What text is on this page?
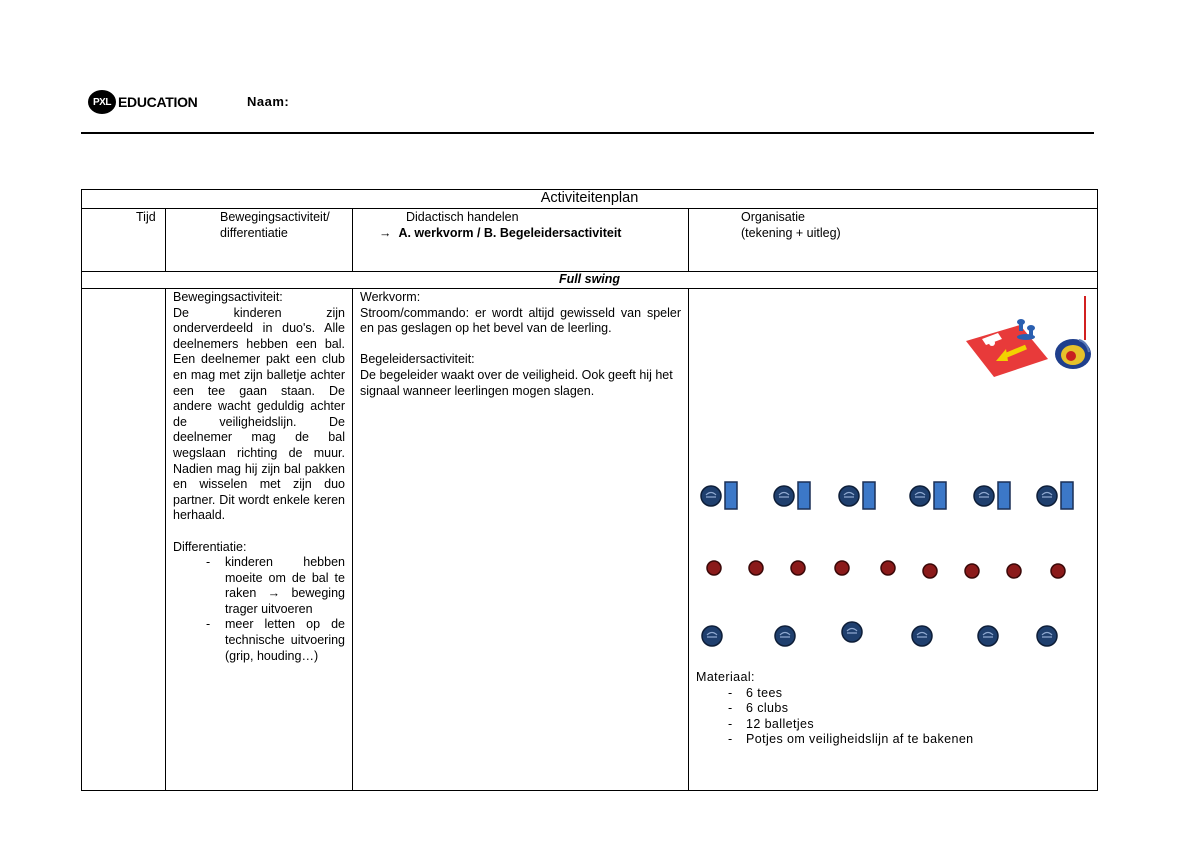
PXL EDUCATION	Naam:
Activiteitenplan
Tijd	Bewegingsactiviteit/
differentiatie
Didactisch handelen
→ A. werkvorm / B. Begeleidersactiviteit
Organisatie
(tekening + uitleg)
Full swing
Bewegingsactiviteit:
De kinderen zijn onderverdeeld in duo's. Alle deelnemers hebben een bal. Een deelnemer pakt een club en mag met zijn balletje achter een tee gaan staan. De andere wacht geduldig achter de veiligheidslijn. De deelnemer mag de bal wegslaan richting de muur. Nadien mag hij zijn bal pakken en wisselen met zijn duo partner. Dit wordt enkele keren herhaald.
Differentiatie:
- kinderen hebben moeite om de bal te raken → beweging trager uitvoeren
- meer letten op de technische uitvoering (grip, houding…)
Werkvorm:
Stroom/commando: er wordt altijd gewisseld van speler en pas geslagen op het bevel van de leerling.
Begeleidersactiviteit:
De begeleider waakt over de veiligheid. Ook geeft hij het signaal wanneer leerlingen mogen slagen.
Materiaal:
- 6 tees
- 6 clubs
- 12 balletjes
- Potjes om veiligheidslijn af te bakenen
